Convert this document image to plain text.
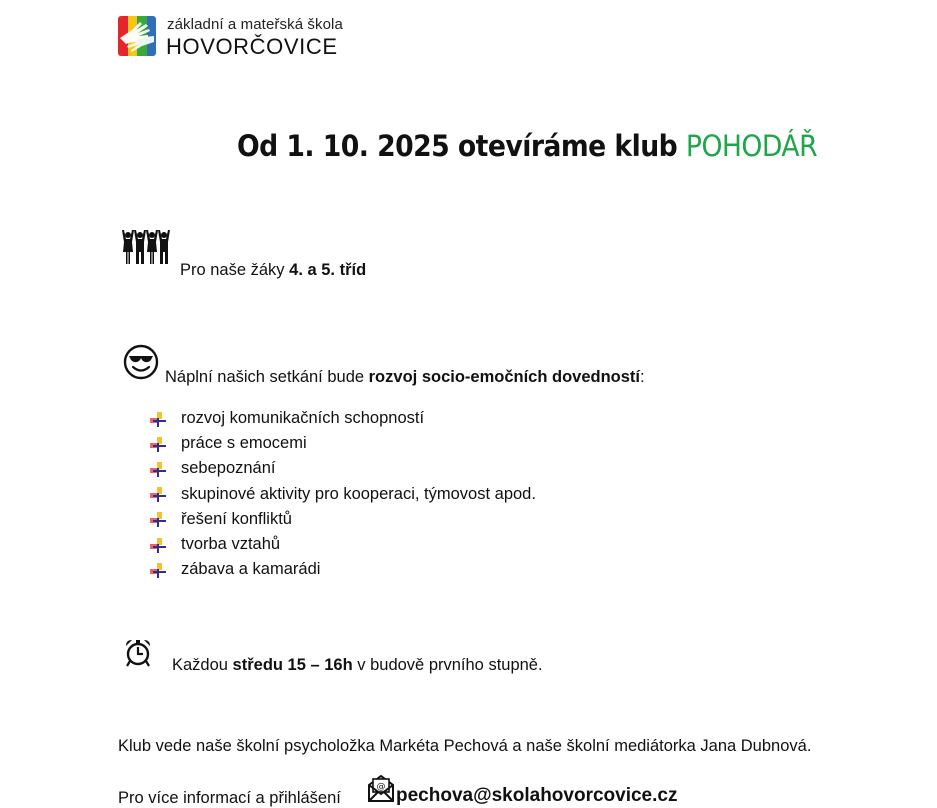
základní a mateřská škola
HOVORČOVICE
Od 1. 10. 2025 otevíráme klub POHODÁŘ
Pro naše žáky 4. a 5. tříd
Náplní našich setkání bude rozvoj socio-emočních dovedností:
rozvoj komunikačních schopností
práce s emocemi
sebepoznání
skupinové aktivity pro kooperaci, týmovost apod.
řešení konfliktů
tvorba vztahů
zábava a kamarádi
Každou středu 15 – 16h v budově prvního stupně.
Klub vede naše školní psycholožka Markéta Pechová a naše školní mediátorka Jana Dubnová.
Pro více informací a přihlášení
@ pechova@skolahovorcovice.cz
